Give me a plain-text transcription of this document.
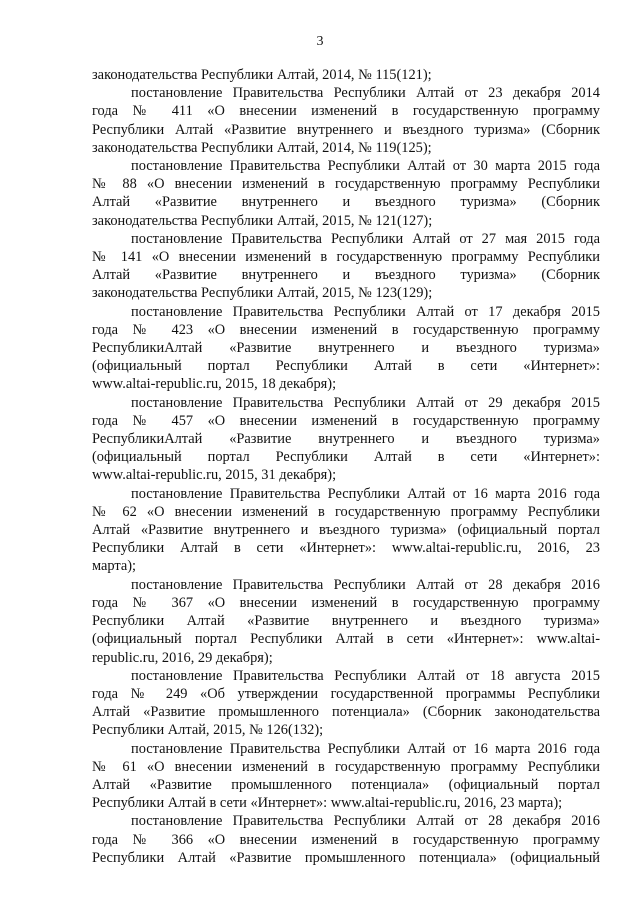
3
законодательства Республики Алтай, 2014, № 115(121);
постановление Правительства Республики Алтай от 23 декабря 2014
года № 411 «О внесении изменений в государственную программу
Республики Алтай «Развитие внутреннего и въездного туризма» (Сборник
законодательства Республики Алтай, 2014, № 119(125);
постановление Правительства Республики Алтай от 30 марта 2015 года
№ 88 «О внесении изменений в государственную программу Республики
Алтай «Развитие внутреннего и въездного туризма» (Сборник
законодательства Республики Алтай, 2015, № 121(127);
постановление Правительства Республики Алтай от 27 мая 2015 года
№ 141 «О внесении изменений в государственную программу Республики
Алтай «Развитие внутреннего и въездного туризма» (Сборник
законодательства Республики Алтай, 2015, № 123(129);
постановление Правительства Республики Алтай от 17 декабря 2015
года № 423 «О внесении изменений в государственную программу
РеспубликиАлтай «Развитие внутреннего и въездного туризма»
(официальный портал Республики Алтай в сети «Интернет»:
www.altai-republic.ru, 2015, 18 декабря);
постановление Правительства Республики Алтай от 29 декабря 2015
года № 457 «О внесении изменений в государственную программу
РеспубликиАлтай «Развитие внутреннего и въездного туризма»
(официальный портал Республики Алтай в сети «Интернет»:
www.altai-republic.ru, 2015, 31 декабря);
постановление Правительства Республики Алтай от 16 марта 2016 года
№ 62 «О внесении изменений в государственную программу Республики
Алтай «Развитие внутреннего и въездного туризма» (официальный портал
Республики Алтай в сети «Интернет»: www.altai-republic.ru, 2016, 23
марта);
постановление Правительства Республики Алтай от 28 декабря 2016
года № 367 «О внесении изменений в государственную программу
Республики Алтай «Развитие внутреннего и въездного туризма»
(официальный портал Республики Алтай в сети «Интернет»: www.altai-
republic.ru, 2016, 29 декабря);
постановление Правительства Республики Алтай от 18 августа 2015
года № 249 «Об утверждении государственной программы Республики
Алтай «Развитие промышленного потенциала» (Сборник законодательства
Республики Алтай, 2015, № 126(132);
постановление Правительства Республики Алтай от 16 марта 2016 года
№ 61 «О внесении изменений в государственную программу Республики
Алтай «Развитие промышленного потенциала» (официальный портал
Республики Алтай в сети «Интернет»: www.altai-republic.ru, 2016, 23 марта);
постановление Правительства Республики Алтай от 28 декабря 2016
года № 366 «О внесении изменений в государственную программу
Республики Алтай «Развитие промышленного потенциала» (официальный
